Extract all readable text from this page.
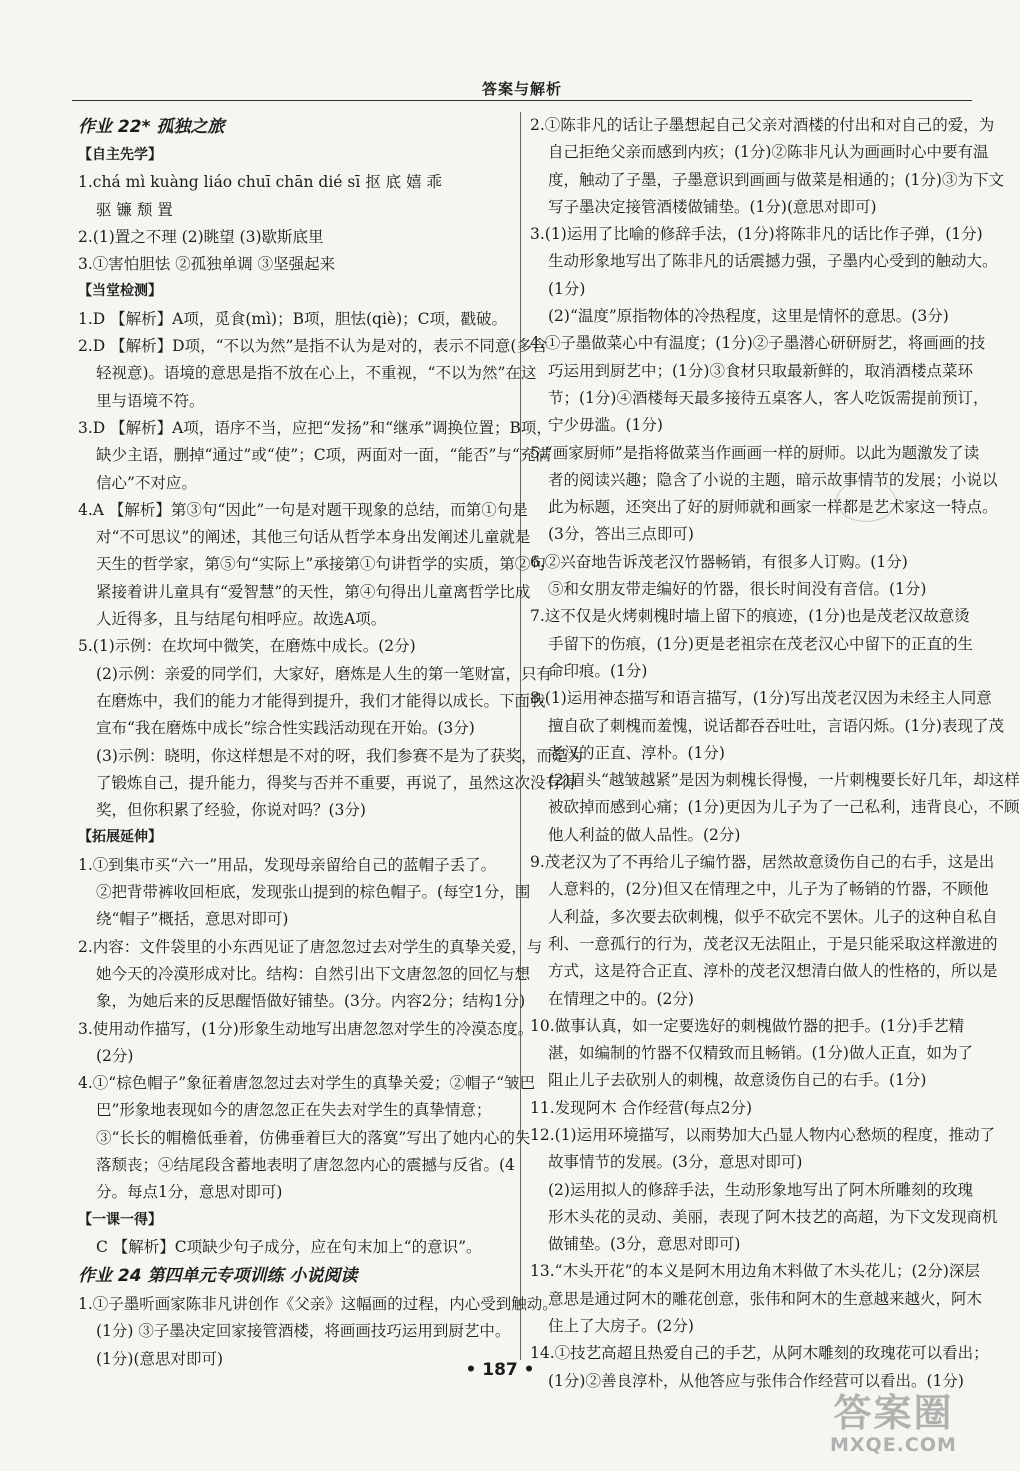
答案与解析
作业 22* 孤独之旅
【自主先学】
1.chá mì kuàng liáo chuī chān dié sī 抠 底 嬉 乖
驱 镰 颓 置
2.(1)置之不理 (2)眺望 (3)歇斯底里
3.①害怕胆怯 ②孤独单调 ③坚强起来
【当堂检测】
1.D 【解析】A项，觅食(mì)；B项，胆怯(qiè)；C项，戳破。
2.D 【解析】D项，“不以为然”是指不认为是对的，表示不同意(多含
轻视意)。语境的意思是指不放在心上，不重视，“不以为然”在这
里与语境不符。
3.D 【解析】A项，语序不当，应把“发扬”和“继承”调换位置；B项，
缺少主语，删掉“通过”或“使”；C项，两面对一面，“能否”与“充满
信心”不对应。
4.A 【解析】第③句“因此”一句是对题干现象的总结，而第①句是
对“不可思议”的阐述，其他三句话从哲学本身出发阐述儿童就是
天生的哲学家，第⑤句“实际上”承接第①句讲哲学的实质，第②句
紧接着讲儿童具有“爱智慧”的天性，第④句得出儿童离哲学比成
人近得多，且与结尾句相呼应。故选A项。
5.(1)示例：在坎坷中微笑，在磨炼中成长。(2分)
(2)示例：亲爱的同学们，大家好，磨炼是人生的第一笔财富，只有
在磨炼中，我们的能力才能得到提升，我们才能得以成长。下面我
宣布“我在磨炼中成长”综合性实践活动现在开始。(3分)
(3)示例：晓明，你这样想是不对的呀，我们参赛不是为了获奖，而是为
了锻炼自己，提升能力，得奖与否并不重要，再说了，虽然这次没有得
奖，但你积累了经验，你说对吗？(3分)
【拓展延伸】
1.①到集市买“六一”用品，发现母亲留给自己的蓝帽子丢了。
②把背带裤收回柜底，发现张山提到的棕色帽子。(每空1分，围
绕“帽子”概括，意思对即可)
2.内容：文件袋里的小东西见证了唐忽忽过去对学生的真挚关爱，与
她今天的冷漠形成对比。结构：自然引出下文唐忽忽的回忆与想
象，为她后来的反思醒悟做好铺垫。(3分。内容2分；结构1分)
3.使用动作描写，(1分)形象生动地写出唐忽忽对学生的冷漠态度。
(2分)
4.①“棕色帽子”象征着唐忽忽过去对学生的真挚关爱；②帽子“皱巴
巴”形象地表现如今的唐忽忽正在失去对学生的真挚情意；
③“长长的帽檐低垂着，仿佛垂着巨大的落寞”写出了她内心的失
落颓丧；④结尾段含蓄地表明了唐忽忽内心的震撼与反省。(4
分。每点1分，意思对即可)
【一课一得】
C 【解析】C项缺少句子成分，应在句末加上“的意识”。
作业 24 第四单元专项训练 小说阅读
1.①子墨听画家陈非凡讲创作《父亲》这幅画的过程，内心受到触动。
(1分) ③子墨决定回家接管酒楼，将画画技巧运用到厨艺中。
(1分)(意思对即可)
2.①陈非凡的话让子墨想起自己父亲对酒楼的付出和对自己的爱，为
自己拒绝父亲而感到内疚；(1分)②陈非凡认为画画时心中要有温
度，触动了子墨，子墨意识到画画与做菜是相通的；(1分)③为下文
写子墨决定接管酒楼做铺垫。(1分)(意思对即可)
3.(1)运用了比喻的修辞手法，(1分)将陈非凡的话比作子弹，(1分)
生动形象地写出了陈非凡的话震撼力强，子墨内心受到的触动大。
(1分)
(2)“温度”原指物体的冷热程度，这里是情怀的意思。(3分)
4.①子墨做菜心中有温度；(1分)②子墨潜心研研厨艺，将画画的技
巧运用到厨艺中；(1分)③食材只取最新鲜的，取消酒楼点菜环
节；(1分)④酒楼每天最多接待五桌客人，客人吃饭需提前预订，
宁少毋滥。(1分)
5.“画家厨师”是指将做菜当作画画一样的厨师。以此为题激发了读
者的阅读兴趣；隐含了小说的主题，暗示故事情节的发展；小说以
此为标题，还突出了好的厨师就和画家一样都是艺术家这一特点。
(3分，答出三点即可)
6.②兴奋地告诉茂老汉竹器畅销，有很多人订购。(1分)
⑤和女朋友带走编好的竹器，很长时间没有音信。(1分)
7.这不仅是火烤刺槐时墙上留下的痕迹，(1分)也是茂老汉故意烫
手留下的伤痕，(1分)更是老祖宗在茂老汉心中留下的正直的生
命印痕。(1分)
8.(1)运用神态描写和语言描写，(1分)写出茂老汉因为未经主人同意
擅自砍了刺槐而羞愧，说话都吞吞吐吐，言语闪烁。(1分)表现了茂
老汉的正直、淳朴。(1分)
(2)眉头“越皱越紧”是因为刺槐长得慢，一片刺槐要长好几年，却这样
被砍掉而感到心痛；(1分)更因为儿子为了一己私利，违背良心，不顾
他人利益的做人品性。(2分)
9.茂老汉为了不再给儿子编竹器，居然故意烫伤自己的右手，这是出
人意料的，(2分)但又在情理之中，儿子为了畅销的竹器，不顾他
人利益，多次要去砍刺槐，似乎不砍完不罢休。儿子的这种自私自
利、一意孤行的行为，茂老汉无法阻止，于是只能采取这样激进的
方式，这是符合正直、淳朴的茂老汉想清白做人的性格的，所以是
在情理之中的。(2分)
10.做事认真，如一定要选好的刺槐做竹器的把手。(1分)手艺精
湛，如编制的竹器不仅精致而且畅销。(1分)做人正直，如为了
阻止儿子去砍别人的刺槐，故意烫伤自己的右手。(1分)
11.发现阿木 合作经营(每点2分)
12.(1)运用环境描写，以雨势加大凸显人物内心愁烦的程度，推动了
故事情节的发展。(3分，意思对即可)
(2)运用拟人的修辞手法，生动形象地写出了阿木所雕刻的玫瑰
形木头花的灵动、美丽，表现了阿木技艺的高超，为下文发现商机
做铺垫。(3分，意思对即可)
13.“木头开花”的本义是阿木用边角木料做了木头花儿；(2分)深层
意思是通过阿木的雕花创意，张伟和阿木的生意越来越火，阿木
住上了大房子。(2分)
14.①技艺高超且热爱自己的手艺，从阿木雕刻的玫瑰花可以看出；
(1分)②善良淳朴，从他答应与张伟合作经营可以看出。(1分)
• 187 •
答案圈
MXQE.COM
